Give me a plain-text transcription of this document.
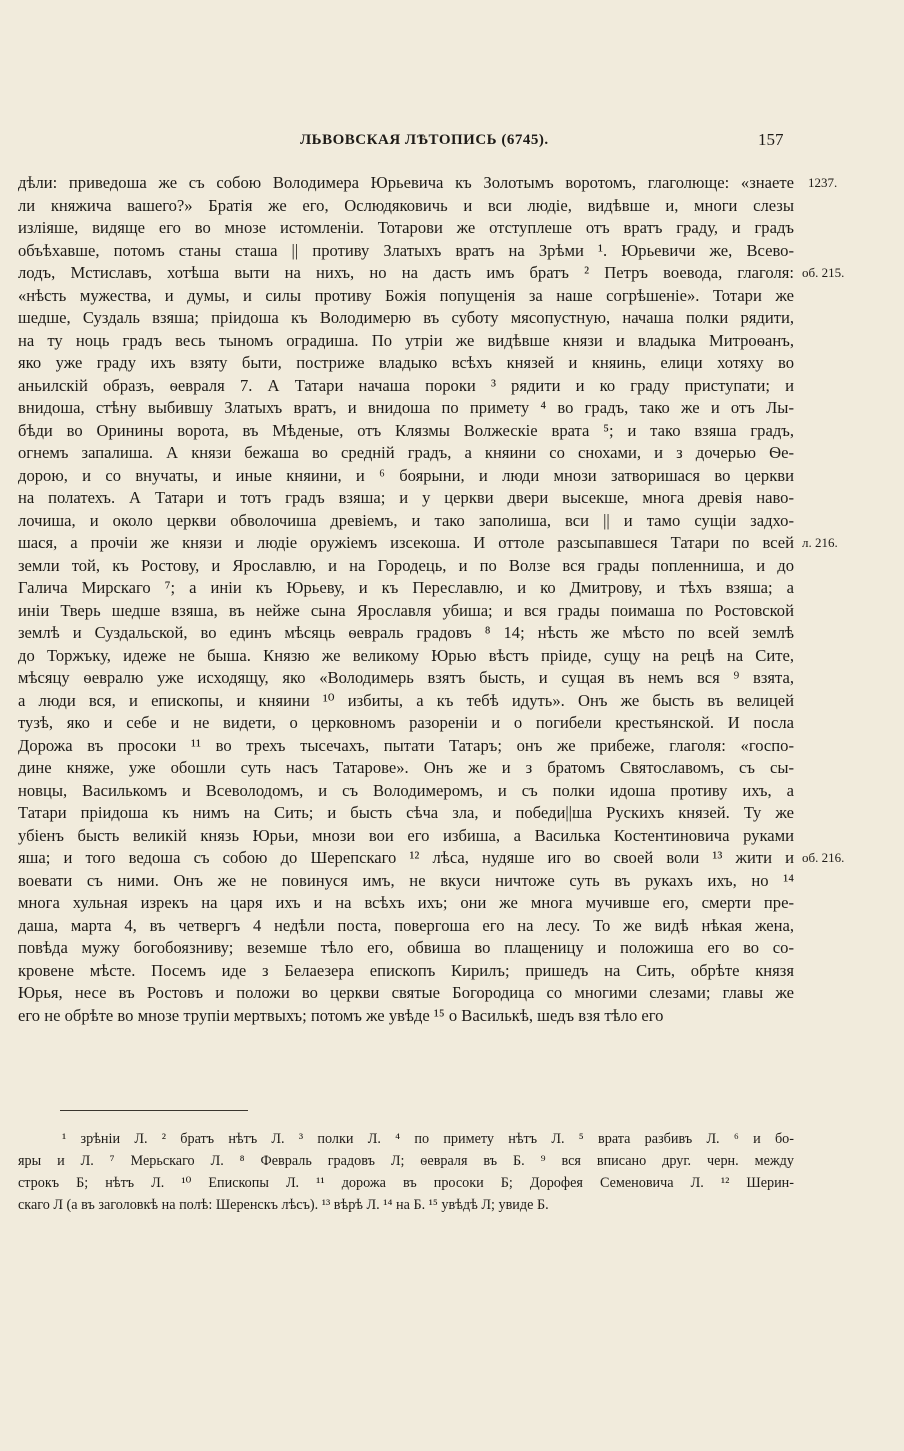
ЛЬВОВСКАЯ ЛѢТОПИСЬ (6745).	157
дѣли: приведоша же съ собою Володимера Юрьевича къ Золотымъ воротомъ, глаголюще: «знаете
ли княжича вашего?» Братія же его, Ослюдяковичь и вси людіе, видѣвше и, многи слезы
изліяше, видяще его во мнозе истомленіи. Тотарови же отступлеше отъ вратъ граду, и градъ
объѣхавше, потомъ станы сташа || противу Златыхъ вратъ на Зрѣми ¹. Юрьевичи же, Всево-
лодъ, Мстиславъ, хотѣша выти на нихъ, но на дасть имъ братъ ² Петръ воевода, глаголя:
«нѣсть мужества, и думы, и силы противу Божія попущенія за наше согрѣшеніе». Тотари же
шедше, Суздаль взяша; пріидоша къ Володимерю въ суботу мясопустную, начаша полки рядити,
на ту ноць градъ весь тыномъ оградиша. По утріи же видѣвше князи и владыка Митроѳанъ,
яко уже граду ихъ взяту быти, постриже владыко всѣхъ князей и княинь, елици хотяху во
аньилскій образъ, ѳевраля 7. А Татари начаша пороки ³ рядити и ко граду приступати; и
внидоша, стѣну выбившу Златыхъ вратъ, и внидоша по примету ⁴ во градъ, тако же и отъ Лы-
бѣди во Оринины ворота, въ Мѣденые, отъ Клязмы Волжескіе врата ⁵; и тако взяша градъ,
огнемъ запалиша. А князи бежаша во средній градъ, а княини со снохами, и з дочерью Ѳе-
дорою, и со внучаты, и иные княини, и ⁶ боярыни, и люди мнози затворишася во церкви
на полатехъ. А Татари и тотъ градъ взяша; и у церкви двери высекше, многа древія наво-
лочиша, и около церкви обволочиша древіемъ, и тако заполиша, вси || и тамо сущіи задхо-
шася, а прочіи же князи и людіе оружіемъ изсекоша. И оттоле разсыпавшеся Татари по всей
земли той, къ Ростову, и Ярославлю, и на Городець, и по Волзе вся грады попленниша, и до
Галича Мирскаго ⁷; а иніи къ Юрьеву, и къ Переславлю, и ко Дмитрову, и тѣхъ взяша; а
иніи Тверь шедше взяша, въ нейже сына Ярославля убиша; и вся грады поимаша по Ростовской
землѣ и Суздальской, во единъ мѣсяць ѳевраль градовъ ⁸ 14; нѣсть же мѣсто по всей землѣ
до Торжъку, идеже не быша. Князю же великому Юрью вѣстъ пріиде, сущу на рецѣ на Сите,
мѣсяцу ѳевралю уже исходящу, яко «Володимерь взятъ бысть, и сущая въ немъ вся ⁹ взята,
а люди вся, и епископы, и княини ¹⁰ избиты, а къ тебѣ идуть». Онъ же бысть въ велицей
тузѣ, яко и себе и не видети, о церковномъ разореніи и о погибели крестьянской. И посла
Дорожа въ просоки ¹¹ во трехъ тысечахъ, пытати Татаръ; онъ же прибеже, глаголя: «госпо-
дине княже, уже обошли суть насъ Татарове». Онъ же и з братомъ Святославомъ, съ сы-
новцы, Василькомъ и Всеволодомъ, и съ Володимеромъ, и съ полки идоша противу ихъ, а
Татари пріидоша къ нимъ на Сить; и бысть сѣча зла, и победи||ша Рускихъ князей. Ту же
убіенъ бысть великій князь Юрьи, мнози вои его избиша, а Василька Костентиновича руками
яша; и того ведоша съ собою до Шерепскаго ¹² лѣса, нудяше иго во своей воли ¹³ жити и
воевати съ ними. Онъ же не повинуся имъ, не вкуси ничтоже суть въ рукахъ ихъ, но ¹⁴
многа хульная изрекъ на царя ихъ и на всѣхъ ихъ; они же многа мучивше его, смерти пре-
даша, марта 4, въ четвергъ 4 недѣли поста, повергоша его на лесу. То же видѣ нѣкая жена,
повѣда мужу богобоязниву; веземше тѣло его, обвиша во плащеницу и положиша его во со-
кровене мѣсте. Посемъ иде з Белаезера епископъ Кирилъ; пришедъ на Сить, обрѣте князя
Юрья, несе въ Ростовъ и положи во церкви святые Богородица со многими слезами; главы же
его не обрѣте во мнозе трупіи мертвыхъ; потомъ же увѣде ¹⁵ о Василькѣ, шедъ взя тѣло его
1237.
об. 215.
л. 216.
об. 216.
¹ зрѣніи Л. ² братъ нѣтъ Л. ³ полки Л. ⁴ по примету нѣтъ Л. ⁵ врата разбивъ Л. ⁶ и бо-
яры и Л. ⁷ Мерьскаго Л. ⁸ Февраль градовъ Л; ѳевраля въ Б. ⁹ вся вписано друг. черн. между
строкъ Б; нѣтъ Л. ¹⁰ Епископы Л. ¹¹ дорожа въ просоки Б; Дорофея Семеновича Л. ¹² Шерин-
скаго Л (а въ заголовкѣ на полѣ: Шеренскъ лѣсъ). ¹³ вѣрѣ Л. ¹⁴ на Б. ¹⁵ увѣдѣ Л; увиде Б.
